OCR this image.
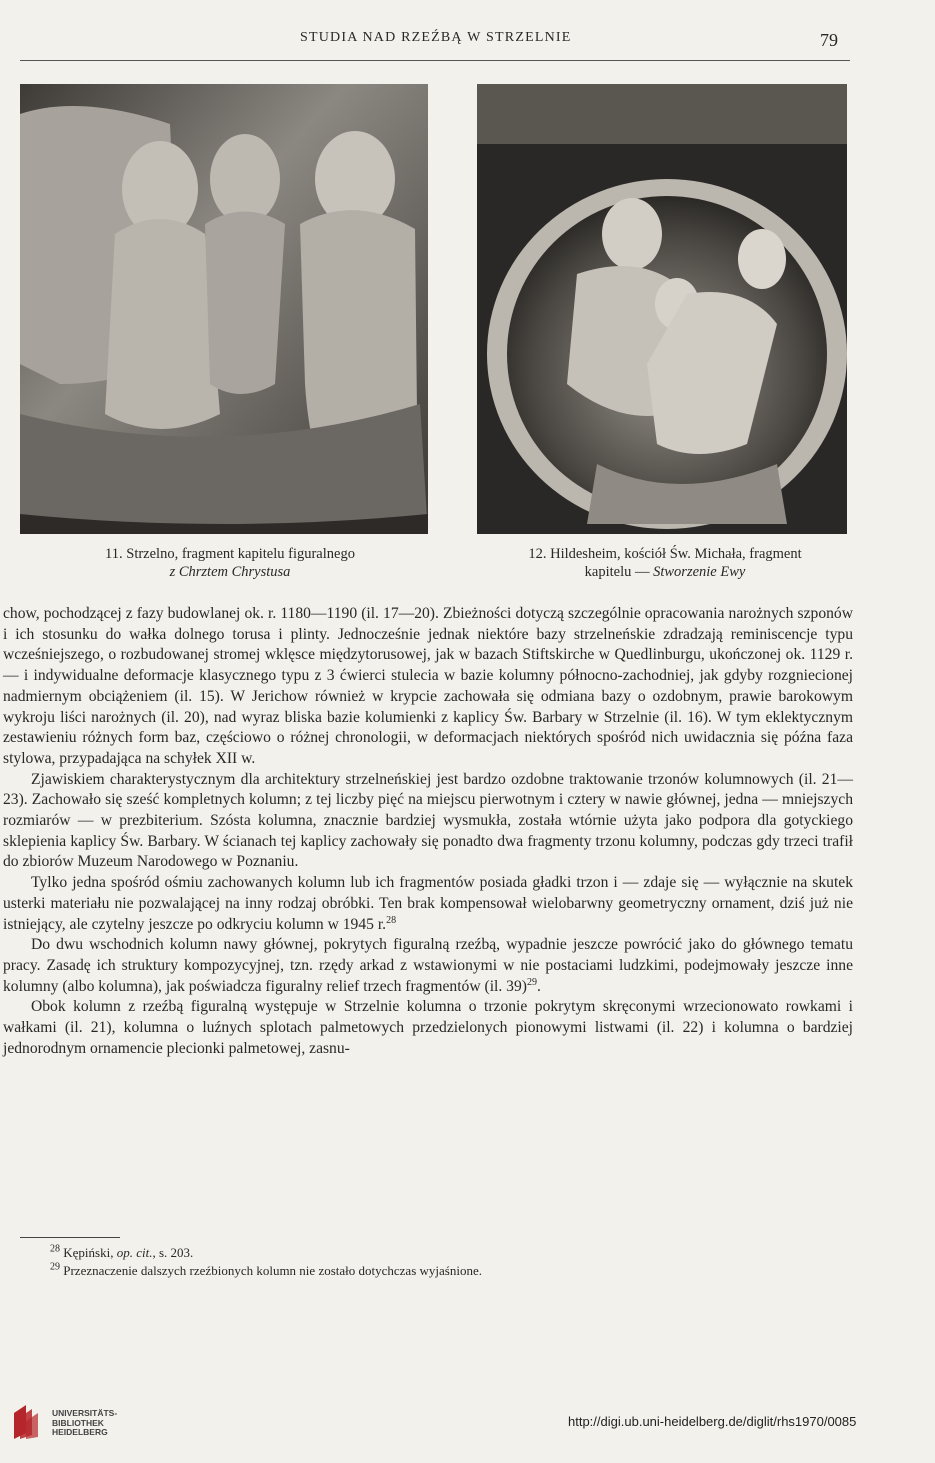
STUDIA NAD RZEŹBĄ W STRZELNIE	79
11. Strzelno, fragment kapitelu figuralnego
z Chrztem Chrystusa
12. Hildesheim, kościół Św. Michała, fragment
kapitelu — Stworzenie Ewy

chow, pochodzącej z fazy budowlanej ok. r. 1180—1190 (il. 17—20). Zbieżności dotyczą szczególnie opracowania narożnych szponów i ich stosunku do wałka dolnego torusa i plinty. Jednocześnie jednak niektóre bazy strzelneńskie zdradzają reminiscencje typu wcześniejszego, o rozbudowanej stromej wklęsce międzytorusowej, jak w bazach Stiftskirche w Quedlinburgu, ukończonej ok. 1129 r. — i indywidualne deformacje klasycznego typu z 3 ćwierci stulecia w bazie kolumny północno-zachodniej, jak gdyby rozgniecionej nadmiernym obciążeniem (il. 15). W Jerichow również w krypcie zachowała się odmiana bazy o ozdobnym, prawie barokowym wykroju liści narożnych (il. 20), nad wyraz bliska bazie kolumienki z kaplicy Św. Barbary w Strzelnie (il. 16). W tym eklektycznym zestawieniu różnych form baz, częściowo o różnej chronologii, w deformacjach niektórych spośród nich uwidacznia się późna faza stylowa, przypadająca na schyłek XII w.

Zjawiskiem charakterystycznym dla architektury strzelneńskiej jest bardzo ozdobne traktowanie trzonów kolumnowych (il. 21—23). Zachowało się sześć kompletnych kolumn; z tej liczby pięć na miejscu pierwotnym i cztery w nawie głównej, jedna — mniejszych rozmiarów — w prezbiterium. Szósta kolumna, znacznie bardziej wysmukła, została wtórnie użyta jako podpora dla gotyckiego sklepienia kaplicy Św. Barbary. W ścianach tej kaplicy zachowały się ponadto dwa fragmenty trzonu kolumny, podczas gdy trzeci trafił do zbiorów Muzeum Narodowego w Poznaniu.

Tylko jedna spośród ośmiu zachowanych kolumn lub ich fragmentów posiada gładki trzon i — zdaje się — wyłącznie na skutek usterki materiału nie pozwalającej na inny rodzaj obróbki. Ten brak kompensował wielobarwny geometryczny ornament, dziś już nie istniejący, ale czytelny jeszcze po odkryciu kolumn w 1945 r.$^{28}$

Do dwu wschodnich kolumn nawy głównej, pokrytych figuralną rzeźbą, wypadnie jeszcze powrócić jako do głównego tematu pracy. Zasadę ich struktury kompozycyjnej, tzn. rzędy arkad z wstawionymi w nie postaciami ludzkimi, podejmowały jeszcze inne kolumny (albo kolumna), jak poświadcza figuralny relief trzech fragmentów (il. 39)$^{29}$.

Obok kolumn z rzeźbą figuralną występuje w Strzelnie kolumna o trzonie pokrytym skręconymi wrzecionowato rowkami i wałkami (il. 21), kolumna o luźnych splotach palmetowych przedzielonych pionowymi listwami (il. 22) i kolumna o bardziej jednorodnym ornamencie plecionki palmetowej, zasnu-

$^{28}$ Kępiński, op. cit., s. 203.

$^{29}$ Przeznaczenie dalszych rzeźbionych kolumn nie zostało dotychczas wyjaśnione.

UNIVERSITÄTS-
BIBLIOTHEK
HEIDELBERG
http://digi.ub.uni-heidelberg.de/diglit/rhs1970/0085
